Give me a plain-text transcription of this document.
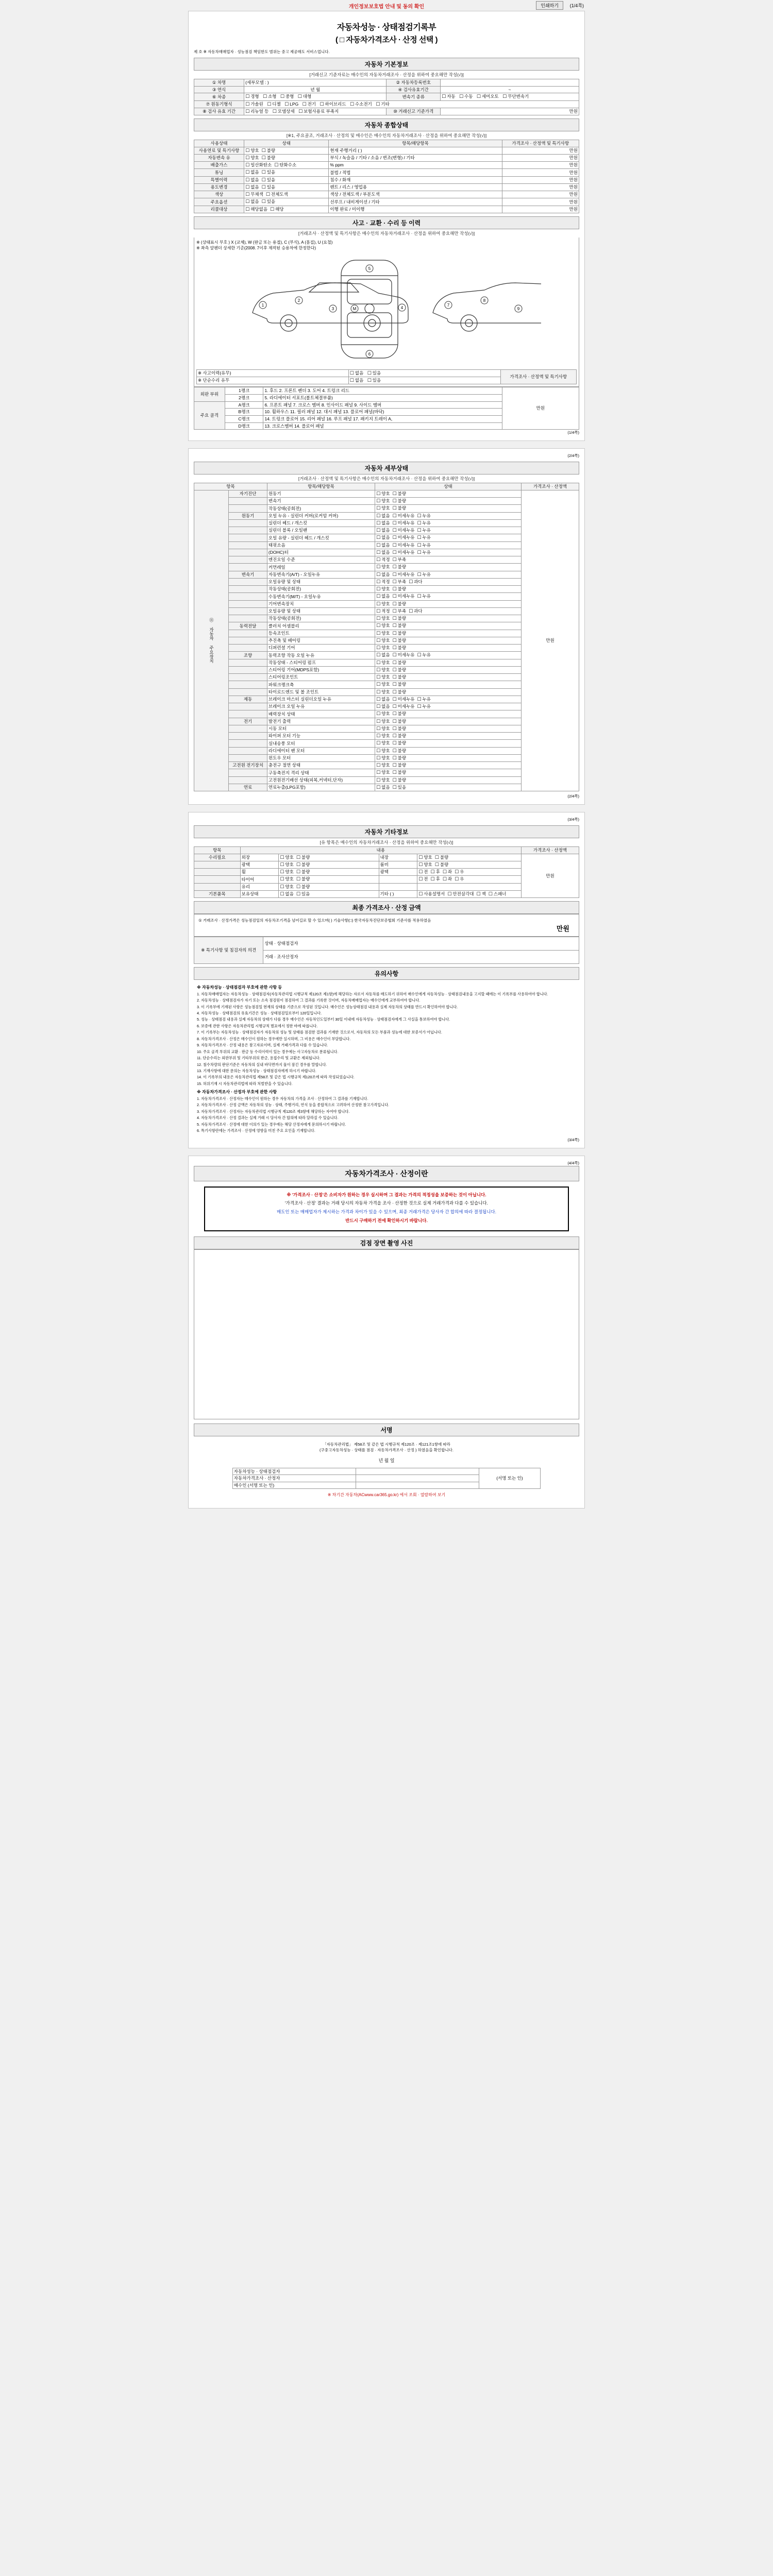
개인정보보호법 안내 및 동의 확인	인쇄하기	(1/4쪽)
자동차성능 · 상태점검기록부
( □ 자동차가격조사 · 산정 선택 )
제 호 ※ 자동차매매업자 · 성능점검 책임한도 범위는 중고 제공매도 서비스업니다.
자동차 기본정보
[거래신고 기준자료는 매수인의 자동차거래조사 · 산정을 위하여 중요해만 작성(√)]
① 차명	(세부모델 : )	② 자동차등록번호	
③ 연식	년 월	④ 검사유효기간	~
⑥ 차종	☐ 경형 ☐ 소형 ☐ 중형 ☐ 대형	변속기 종류	☐ 자동 ☐ 수동 ☐ 세미오토 ☐ 무단변속기
⑦ 원동기형식	☐ 가솔린 ☐ 디젤 ☐ LPG ☐ 전기 ☐ 하이브리드 ☐ 수소전기 ☐ 기타
⑧ 검사 유효 기간	☐ 리뉴얼 등 ☐ 모델상세 ☐ 보험사용료 부족지	⑩ 거래신고 기준가격	만원
자동차 종합상태
[※1, 주요골조, 거래조사 · 산정의 및 매수인은 매수인의 자동차거래조사 · 산정을 위하여 중요해만 작성(√)]
사용상태	상태	항목/해당항목	가격조사 · 산정액 및 특기사항
사용연료 및 특기사항	☐ 양호 ☐ 불량	현재 주행거리 ( )	만원
자동변속 유	☐ 양호 ☐ 불량	부식 / 녹슬음 / 기타 / 소음 / 변조(변형) / 기타	만원
배출가스	☐ 일산화탄소 ☐ 탄화수소	% ppm	만원
튜닝	☐ 없음 ☐ 있음	불법 / 적법	만원
특별이력	☐ 없음 ☐ 있음	침수 / 화재	만원
용도변경	☐ 없음 ☐ 있음	렌트 / 리스 / 영업용	만원
색상	☐ 무채색 ☐ 전체도색	색상 / 전체도색 / 부분도색	만원
주요옵션	☐ 없음 ☐ 있음	선루프 / 내비게이션 / 기타	만원
리콜대상	☐ 해당없음 ☐ 해당	이행 완료 / 미이행	만원
사고 · 교환 · 수리 등 이력
[거래조사 · 산정액 및 특기사항은 매수인의 자동차거래조사 · 산정을 위하여 중요해만 작성(√)]
※ (상태표시 부호 ) X (교체), W (판금 또는 용접), C (부식), A (흠집), U (요철)
※ 좌측 앞펜더 상세한 기준(2008. 7이후 제작된 승용차에 한정한다)
1
2
3	4
5
6
M
7
8
9
※ 사고이력(유무)	☐ 없음 ☐ 있음	가격조사 · 산정액 및 특기사항
※ 단순수리 유무	☐ 없음 ☐ 있음
외판 부위	1랭크	1. 후드 2. 프론트 펜더 3. 도어 4. 트렁크 리드	만원
	2랭크	5. 라디에이터 서포트(볼트체결부품)	
주요 골격	A랭크	6. 프론트 패널 7. 크로스 멤버 8. 인사이드 패널 9. 사이드 멤버	
	B랭크	10. 휠하우스 11. 필러 패널 12. 대시 패널 13. 플로어 패널(바닥)	
	C랭크	14. 트렁크 플로어 15. 리어 패널 16. 루프 패널 17. 패키지 트레이 A,	
	D랭크	13. 크로스멤버 14. 플로어 패널	
(1/4쪽)
(2/4쪽)
자동차 세부상태
[거래조사 · 산정액 및 특기사항은 매수인의 자동차거래조사 · 산정을 위하여 중요해만 작성(√)]
항목		항목/해당항목	상태	가격조사 · 산정액
⑪ 자동차 주요장치	자기진단	원동기	☐ 양호 ☐ 불량	만원
		변속기	☐ 양호 ☐ 불량
		작동상태(공회전)	☐ 양호 ☐ 불량
	원동기	오일 누유 - 실린더 커버(로커암 커버)	☐ 없음 ☐ 미세누유 ☐ 누유
		실린더 헤드 / 개스킷	☐ 없음 ☐ 미세누유 ☐ 누유
		실린더 블록 / 오일팬	☐ 없음 ☐ 미세누유 ☐ 누유
		오일 유량 - 실린더 헤드 / 개스킷	☐ 없음 ☐ 미세누유 ☐ 누유
		태핏소음	☐ 없음 ☐ 미세누유 ☐ 누유
		(DOHC)터	☐ 없음 ☐ 미세누유 ☐ 누유
		엔진오일 수준	☐ 적정 ☐ 부족
		커먼레일	☐ 양호 ☐ 불량
	변속기	자동변속기(A/T) - 오일누유	☐ 없음 ☐ 미세누유 ☐ 누유
		오일유량 및 상태	☐ 적정 ☐ 부족 ☐ 과다
		작동상태(공회전)	☐ 양호 ☐ 불량
		수동변속기(M/T) - 오일누유	☐ 없음 ☐ 미세누유 ☐ 누유
		기어변속장치	☐ 양호 ☐ 불량
		오일유량 및 상태	☐ 적정 ☐ 부족 ☐ 과다
		작동상태(공회전)	☐ 양호 ☐ 불량
	동력전달	클러치 어셈블리	☐ 양호 ☐ 불량
		등속조인트	☐ 양호 ☐ 불량
		추진축 및 베어링	☐ 양호 ☐ 불량
		디퍼런셜 기어	☐ 양호 ☐ 불량
	조향	동력조향 작동 오일 누유	☐ 없음 ☐ 미세누유 ☐ 누유
		작동상태 - 스티어링 펌프	☐ 양호 ☐ 불량
		스티어링 기어(MDPS포함)	☐ 양호 ☐ 불량
		스티어링조인트	☐ 양호 ☐ 불량
		파워크랭크축	☐ 양호 ☐ 불량
		타이로드엔드 및 볼 조인트	☐ 양호 ☐ 불량
	제동	브레이크 마스터 실린더오일 누유	☐ 없음 ☐ 미세누유 ☐ 누유
		브레이크 오일 누유	☐ 없음 ☐ 미세누유 ☐ 누유
		배력장치 상태	☐ 양호 ☐ 불량
	전기	발전기 출력	☐ 양호 ☐ 불량
		시동 모터	☐ 양호 ☐ 불량
		와이퍼 모터 기능	☐ 양호 ☐ 불량
		실내송풍 모터	☐ 양호 ☐ 불량
		라디에이터 팬 모터	☐ 양호 ☐ 불량
		윈도우 모터	☐ 양호 ☐ 불량
	고전원 전기장치	충전구 절연 상태	☐ 양호 ☐ 불량
		구동축전지 격리 상태	☐ 양호 ☐ 불량
		고전원전기배선 상태(피복,커넥터,단자)	☐ 양호 ☐ 불량
	연료	연료누출(LPG포함)	☐ 없음 ☐ 있음
(2/4쪽)
(3/4쪽)
자동차 기타정보
[유 항목은 매수인의 자동차거래조사 · 산정을 위하여 중요해만 작성(√)]
항목	내용				가격조사 · 산정액
수리필요	외장	☐ 양호 ☐ 불량	내장	☐ 양호 ☐ 불량	만원
	광택	☐ 양호 ☐ 불량	룸비	☐ 양호 ☐ 불량
	휠	☐ 양호 ☐ 불량	광택	☐ 전 ☐ 후 ☐ 좌 ☐ 우
	타이어	☐ 양호 ☐ 불량		☐ 전 ☐ 후 ☐ 좌 ☐ 우
	유리	☐ 양호 ☐ 불량		
기본품목	보유상태	☐ 없음 ☐ 있음	기타 ( )	☐ 사용설명서 ☐ 안전삼각대 ☐ 잭 ☐ 스패너
최종 가격조사 · 산정 금액
① 거래조사 · 산정가격은 성능점검일의 자동차조기격을 넘어길로 할 수 있으며( ) 기술사항(□) 한국자동차진단보증협회 기준사를 적용하였음
만원
※ 특기사항 및 침검자의 의견	상태 · 상태점검자
거래 · 조사산정자
유의사항
※ 자동차성능 · 상태점검자 부호에 관한 사항 등

1. 자동차매매업자는 자동차성능 · 상태점검자(자동차관리법 시행규칙 제120조 제1항)에 해당하는 자로서 자동차를 매도하기 위하여 매수인에게 자동차성능 · 상태점검내용을 고지할 때에는 이 기록부를 사용하여야 합니다.

2. 자동차성능 · 상태점검자가 자기 또는 소속 점검원이 점검하여 그 결과를 기록한 것이며, 자동차매매업자는 매수인에게 교부하여야 합니다.

3. 이 기록부에 기재된 사항은 성능점검일 현재의 상태를 기준으로 작성된 것입니다. 매수인은 성능상태점검 내용과 실제 자동차의 상태를 반드시 확인하여야 합니다.

4. 자동차성능 · 상태점검의 유효기간은 성능 · 상태점검일로부터 120일입니다.

5. 성능 · 상태점검 내용과 실제 자동차의 상태가 다를 경우 매수인은 자동차인도일부터 30일 이내에 자동차성능 · 상태점검자에게 그 사실을 통보하여야 합니다.

6. 보증에 관한 사항은 자동차관리법 시행규칙 별표에서 정한 바에 따릅니다.

7. 이 기록부는 자동차성능 · 상태점검자가 자동차의 성능 및 상태를 점검한 결과를 기재한 것으로서, 자동차의 모든 부품과 성능에 대한 보증서가 아닙니다.

8. 자동차가격조사 · 산정은 매수인이 원하는 경우에만 실시하며, 그 비용은 매수인이 부담합니다.

9. 자동차가격조사 · 산정 내용은 참고자료이며, 실제 거래가격과 다를 수 있습니다.

10. 주요 골격 부위의 교환 · 판금 등 수리이력이 있는 경우에는 사고자동차로 분류됩니다.

11. 단순수리는 외판부위 및 기타부위의 판금, 용접수리 및 교환은 제외됩니다.

12. 침수차량의 판단기준은 자동차의 실내 바닥면까지 물이 잠긴 경우를 말합니다.

13. 기재사항에 대한 문의는 자동차성능 · 상태점검자에게 하시기 바랍니다.

14. 이 기록부의 내용은 자동차관리법 제58조 및 같은 법 시행규칙 제120조에 따라 작성되었습니다.

15. 허위기재 시 자동차관리법에 따라 처벌받을 수 있습니다.

※ 자동차가격조사 · 산정자 부호에 관한 사항

1. 자동차가격조사 · 산정자는 매수인이 원하는 경우 자동차의 가격을 조사 · 산정하여 그 결과를 기재합니다.

2. 자동차가격조사 · 산정 금액은 자동차의 성능 · 상태, 주행거리, 연식 등을 종합적으로 고려하여 산정한 참고가격입니다.

3. 자동차가격조사 · 산정자는 자동차관리법 시행규칙 제120조 제3항에 해당하는 자여야 합니다.

4. 자동차가격조사 · 산정 결과는 실제 거래 시 당사자 간 합의에 따라 달라질 수 있습니다.

5. 자동차가격조사 · 산정에 대한 이의가 있는 경우에는 해당 산정자에게 문의하시기 바랍니다.

6. 특기사항란에는 가격조사 · 산정에 영향을 미친 주요 요인을 기재합니다.

(3/4쪽)
(4/4쪽)
자동차가격조사 · 산정이란

※ '가격조사 · 산정'은 소비자가 원하는 경우 실시하며 그 결과는 가격의 적정성을 보증하는 것이 아닙니다.

'가격조사 · 산정' 결과는 거래 당시의 자동차 가격을 조사 · 산정한 것으로 실제 거래가격과 다를 수 있습니다.

매도인 또는 매매업자가 제시하는 가격과 차이가 있을 수 있으며, 최종 거래가격은 당사자 간 합의에 따라 결정됩니다.

반드시 구매하기 전에 확인하시기 바랍니다.

검점 장면 촬영 사진
서명
「자동차관리법」 제58조 및 같은 법 시행규칙 제120조 · 제121조1항에 따라
(구중고자동차성능 · 상태를 점검 · 자동차가격조사 · 산정 ) 하였음을 확인합니다.
년 월 일
자동차성능 · 상태점검자		(서명 또는 인)
자동차가격조사 · 산정자		
매수인 (서명 또는 인)		
※ 차기간 자동차(ACwww.car365.go.kr) 에서 조회 · 열람하여 보기
